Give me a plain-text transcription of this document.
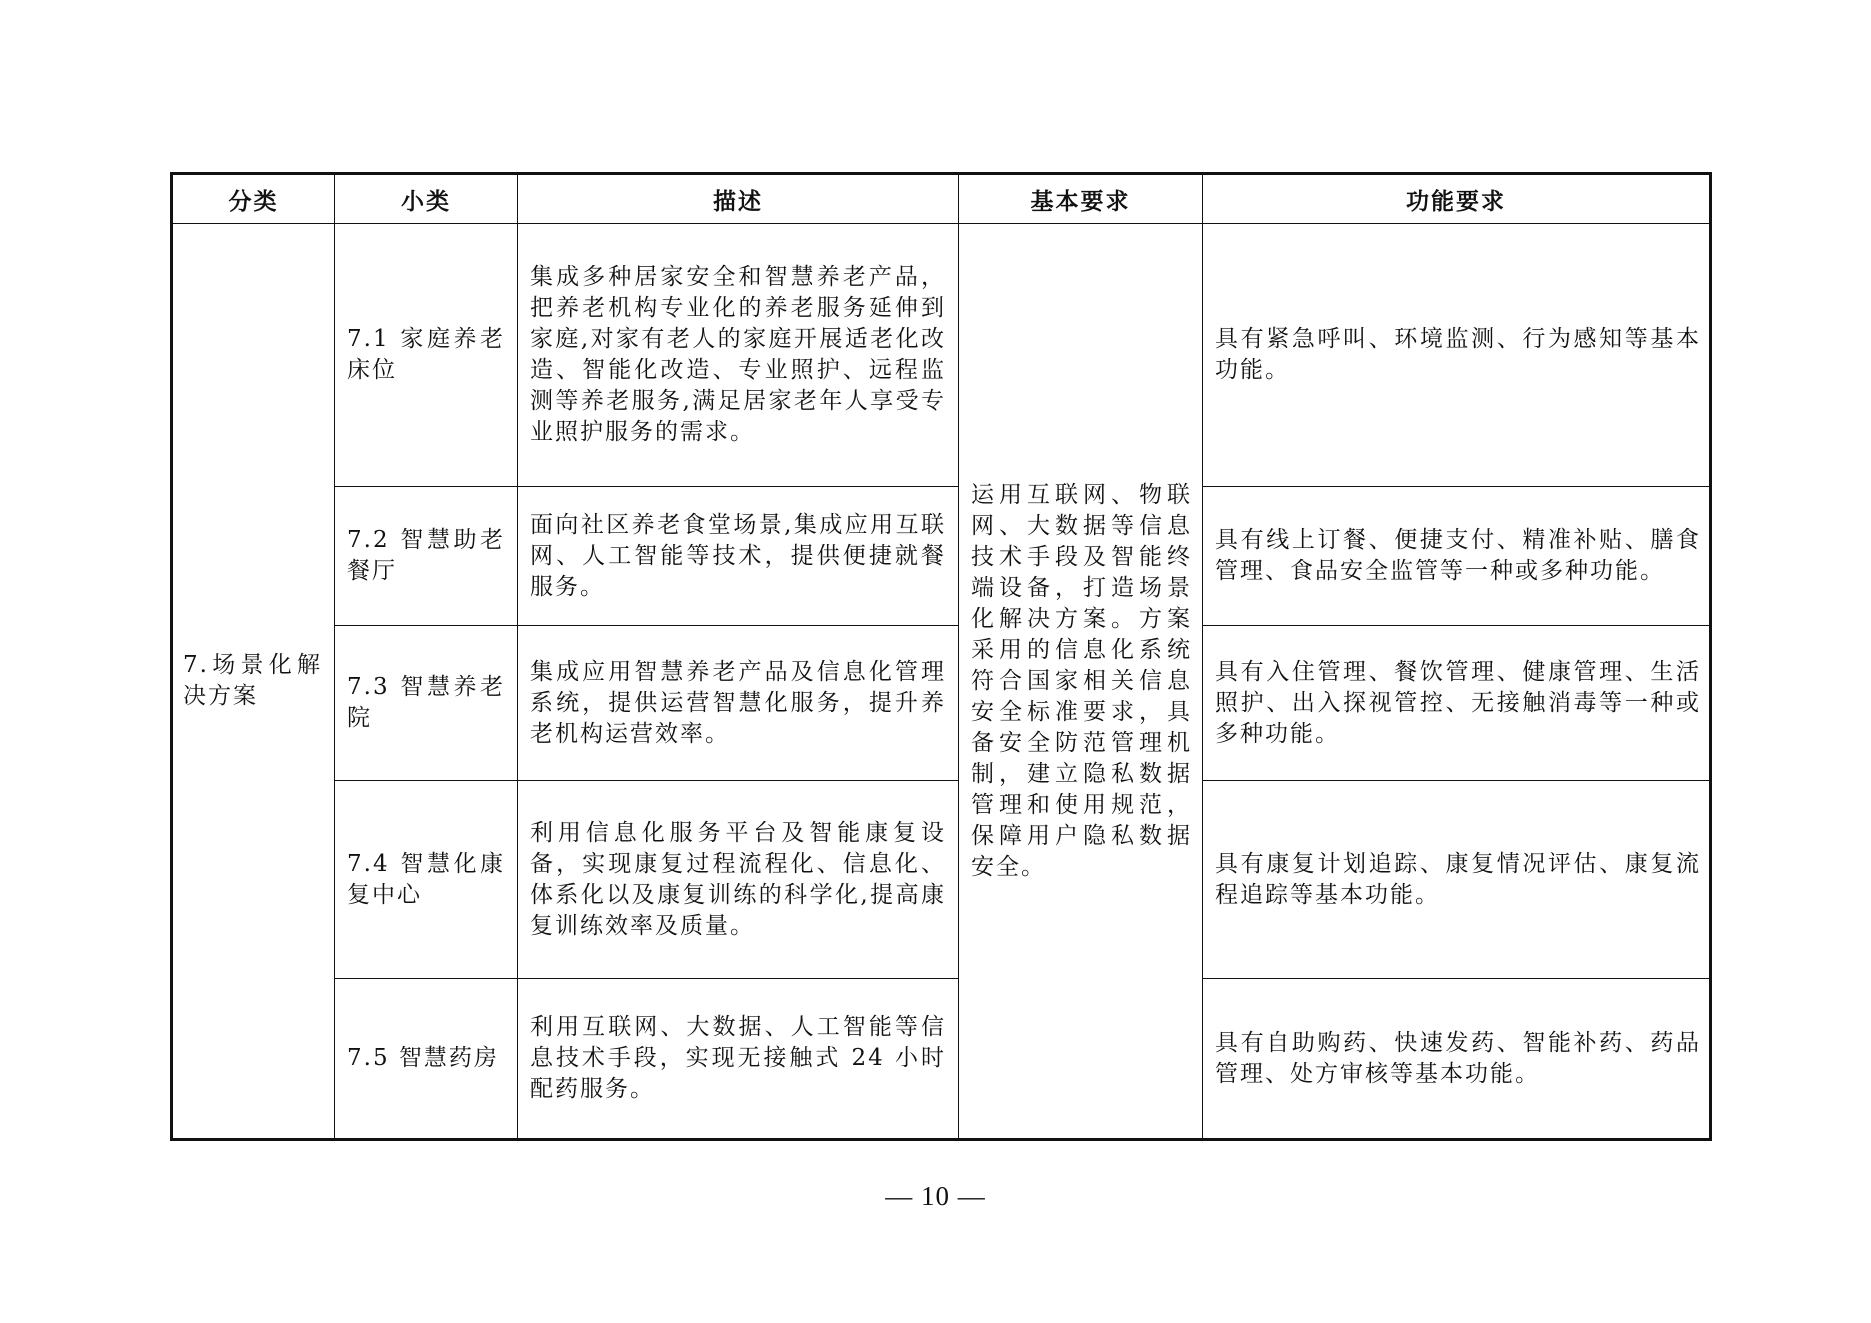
分类	小类	描述	基本要求	功能要求

7.场景化解决方案	7.1 家庭养老床位	集成多种居家安全和智慧养老产品，把养老机构专业化的养老服务延伸到家庭,对家有老人的家庭开展适老化改造、智能化改造、专业照护、远程监测等养老服务,满足居家老年人享受专业照护服务的需求。	运用互联网、物联网、大数据等信息技术手段及智能终端设备，打造场景化解决方案。方案采用的信息化系统符合国家相关信息安全标准要求，具备安全防范管理机制，建立隐私数据管理和使用规范，保障用户隐私数据安全。	具有紧急呼叫、环境监测、行为感知等基本功能。

	7.2 智慧助老餐厅	面向社区养老食堂场景,集成应用互联网、人工智能等技术，提供便捷就餐服务。		具有线上订餐、便捷支付、精准补贴、膳食管理、食品安全监管等一种或多种功能。

	7.3 智慧养老院	集成应用智慧养老产品及信息化管理系统，提供运营智慧化服务，提升养老机构运营效率。		具有入住管理、餐饮管理、健康管理、生活照护、出入探视管控、无接触消毒等一种或多种功能。

	7.4 智慧化康复中心	利用信息化服务平台及智能康复设备，实现康复过程流程化、信息化、体系化以及康复训练的科学化,提高康复训练效率及质量。		具有康复计划追踪、康复情况评估、康复流程追踪等基本功能。

	7.5 智慧药房	利用互联网、大数据、人工智能等信息技术手段，实现无接触式 24 小时配药服务。		具有自助购药、快速发药、智能补药、药品管理、处方审核等基本功能。
— 10 —
